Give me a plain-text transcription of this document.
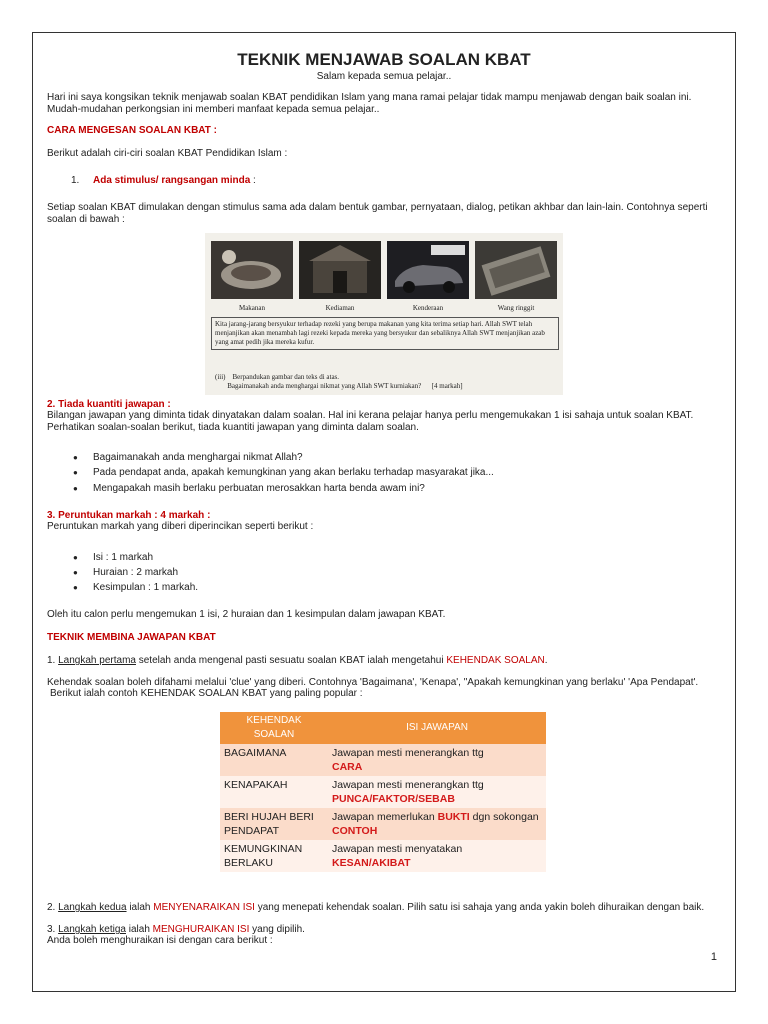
TEKNIK MENJAWAB SOALAN KBAT
Salam kepada semua pelajar..
Hari ini saya kongsikan teknik menjawab soalan KBAT pendidikan Islam yang mana ramai pelajar tidak mampu menjawab dengan baik soalan ini. Mudah-mudahan perkongsian ini memberi manfaat kepada semua pelajar..
CARA MENGESAN SOALAN KBAT :
Berikut adalah ciri-ciri soalan KBAT Pendidikan Islam :
1. Ada stimulus/ rangsangan minda :
Setiap soalan KBAT dimulakan dengan stimulus sama ada dalam bentuk gambar, pernyataan, dialog, petikan akhbar dan lain-lain. Contohnya seperti soalan di bawah :
Makanan	Kediaman	Kenderaan	Wang ringgit
Kita jarang-jarang bersyukur terhadap rezeki yang berupa makanan yang kita terima setiap hari. Allah SWT telah menjanjikan akan menambah lagi rezeki kepada mereka yang bersyukur dan sebaliknya Allah SWT menjanjikan azab yang amat pedih jika mereka kufur.
(iii) Berpandukan gambar dan teks di atas.
Bagaimanakah anda menghargai nikmat yang Allah SWT kurniakan? [4 markah]
2. Tiada kuantiti jawapan :
Bilangan jawapan yang diminta tidak dinyatakan dalam soalan. Hal ini kerana pelajar hanya perlu mengemukakan 1 isi sahaja untuk soalan KBAT. Perhatikan soalan-soalan berikut, tiada kuantiti jawapan yang diminta dalam soalan.
● Bagaimanakah anda menghargai nikmat Allah?
● Pada pendapat anda, apakah kemungkinan yang akan berlaku terhadap masyarakat jika...
● Mengapakah masih berlaku perbuatan merosakkan harta benda awam ini?
3. Peruntukan markah : 4 markah :
Peruntukan markah yang diberi diperincikan seperti berikut :
● Isi : 1 markah
● Huraian : 2 markah
● Kesimpulan : 1 markah.
Oleh itu calon perlu mengemukan 1 isi, 2 huraian dan 1 kesimpulan dalam jawapan KBAT.
TEKNIK MEMBINA JAWAPAN KBAT
1. Langkah pertama setelah anda mengenal pasti sesuatu soalan KBAT ialah mengetahui KEHENDAK SOALAN.
Kehendak soalan boleh difahami melalui 'clue' yang diberi. Contohnya 'Bagaimana', 'Kenapa', "Apakah kemungkinan yang berlaku' 'Apa Pendapat'.
Berikut ialah contoh KEHENDAK SOALAN KBAT yang paling popular :
KEHENDAK SOALAN	ISI JAWAPAN
BAGAIMANA	Jawapan mesti menerangkan ttg
CARA
KENAPAKAH	Jawapan mesti menerangkan ttg
PUNCA/FAKTOR/SEBAB
BERI HUJAH BERI PENDAPAT	Jawapan memerlukan BUKTI dgn sokongan CONTOH
KEMUNGKINAN BERLAKU	Jawapan mesti menyatakan
KESAN/AKIBAT
2. Langkah kedua ialah MENYENARAIKAN ISI yang menepati kehendak soalan. Pilih satu isi sahaja yang anda yakin boleh dihuraikan dengan baik.
3. Langkah ketiga ialah MENGHURAIKAN ISI yang dipilih.
Anda boleh menghuraikan isi dengan cara berikut :
1
